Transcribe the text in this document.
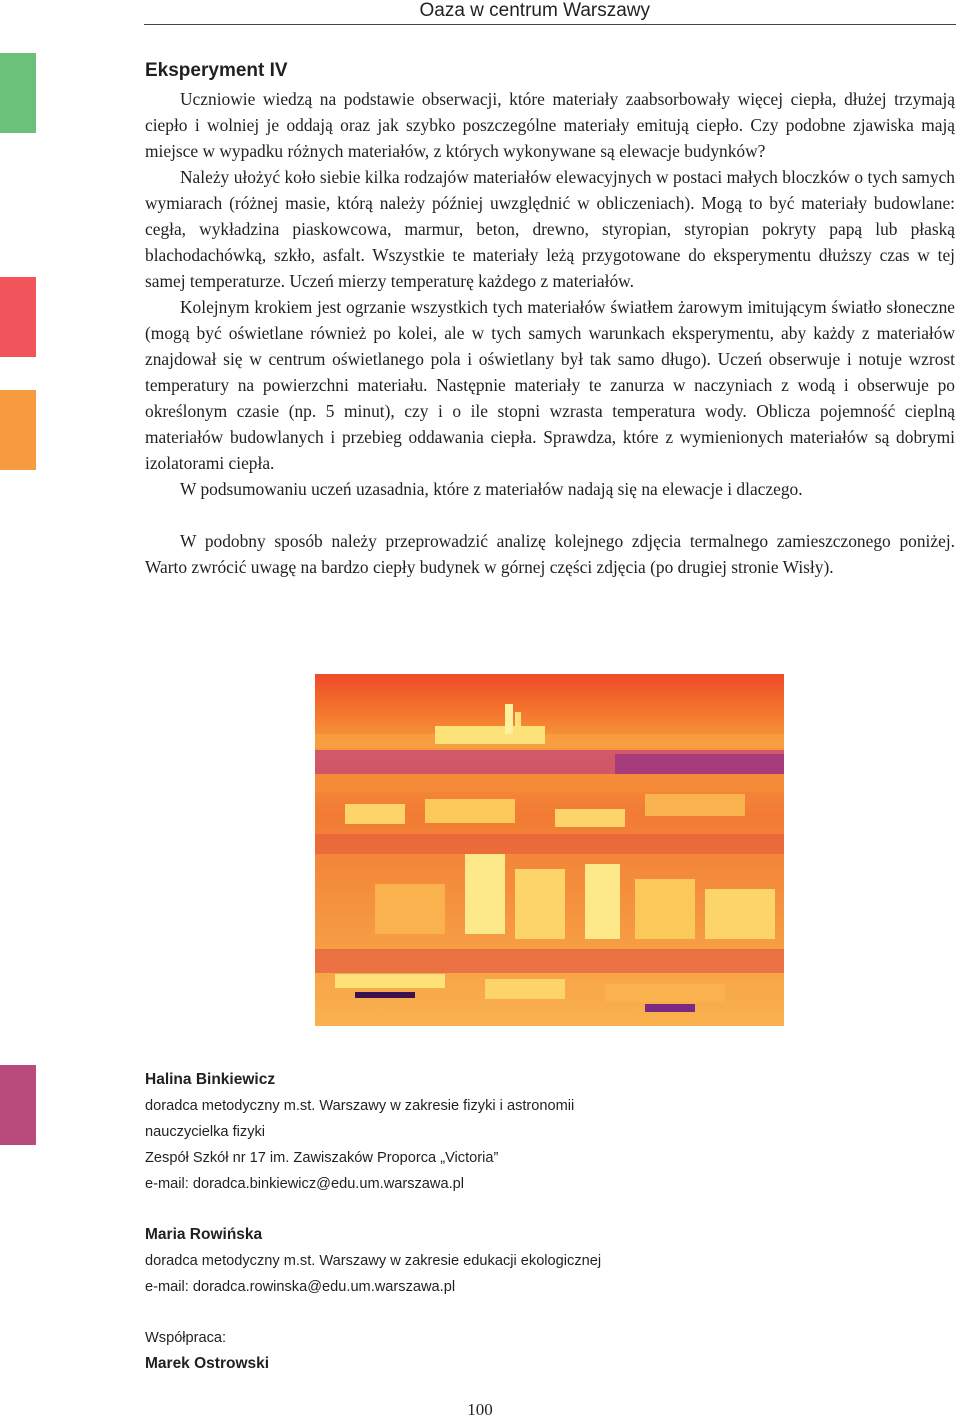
Oaza w centrum Warszawy
Eksperyment IV

Uczniowie wiedzą na podstawie obserwacji, które materiały zaabsorbowały więcej ciepła, dłużej trzymają ciepło i wolniej je oddają oraz jak szybko poszczególne materiały emitują ciepło. Czy podobne zjawiska mają miejsce w wypadku różnych materiałów, z których wykonywane są elewacje budynków?

Należy ułożyć koło siebie kilka rodzajów materiałów elewacyjnych w postaci małych bloczków o tych samych wymiarach (różnej masie, którą należy później uwzględnić w obliczeniach). Mogą to być materiały budowlane: cegła, wykładzina piaskowcowa, marmur, beton, drewno, styropian, styropian pokryty papą lub płaską blachodachówką, szkło, asfalt. Wszystkie te materiały leżą przygotowane do eksperymentu dłuższy czas w tej samej temperaturze. Uczeń mierzy temperaturę każdego z materiałów.

Kolejnym krokiem jest ogrzanie wszystkich tych materiałów światłem żarowym imitującym światło słoneczne (mogą być oświetlane również po kolei, ale w tych samych warunkach eksperymentu, aby każdy z materiałów znajdował się w centrum oświetlanego pola i oświetlany był tak samo długo). Uczeń obserwuje i notuje wzrost temperatury na powierzchni materiału. Następnie materiały te zanurza w naczyniach z wodą i obserwuje po określonym czasie (np. 5 minut), czy i o ile stopni wzrasta temperatura wody. Oblicza pojemność cieplną materiałów budowlanych i przebieg oddawania ciepła. Sprawdza, które z wymienionych materiałów są dobrymi izolatorami ciepła.

W podsumowaniu uczeń uzasadnia, które z materiałów nadają się na elewacje i dlaczego.

W podobny sposób należy przeprowadzić analizę kolejnego zdjęcia termalnego zamieszczonego poniżej. Warto zwrócić uwagę na bardzo ciepły budynek w górnej części zdjęcia (po drugiej stronie Wisły).

Halina Binkiewicz
doradca metodyczny m.st. Warszawy w zakresie fizyki i astronomii
nauczycielka fizyki
Zespół Szkół nr 17 im. Zawiszaków Proporca „Victoria”
e-mail: doradca.binkiewicz@edu.um.warszawa.pl
Maria Rowińska
doradca metodyczny m.st. Warszawy w zakresie edukacji ekologicznej
e-mail: doradca.rowinska@edu.um.warszawa.pl
Współpraca:
Marek Ostrowski
100
